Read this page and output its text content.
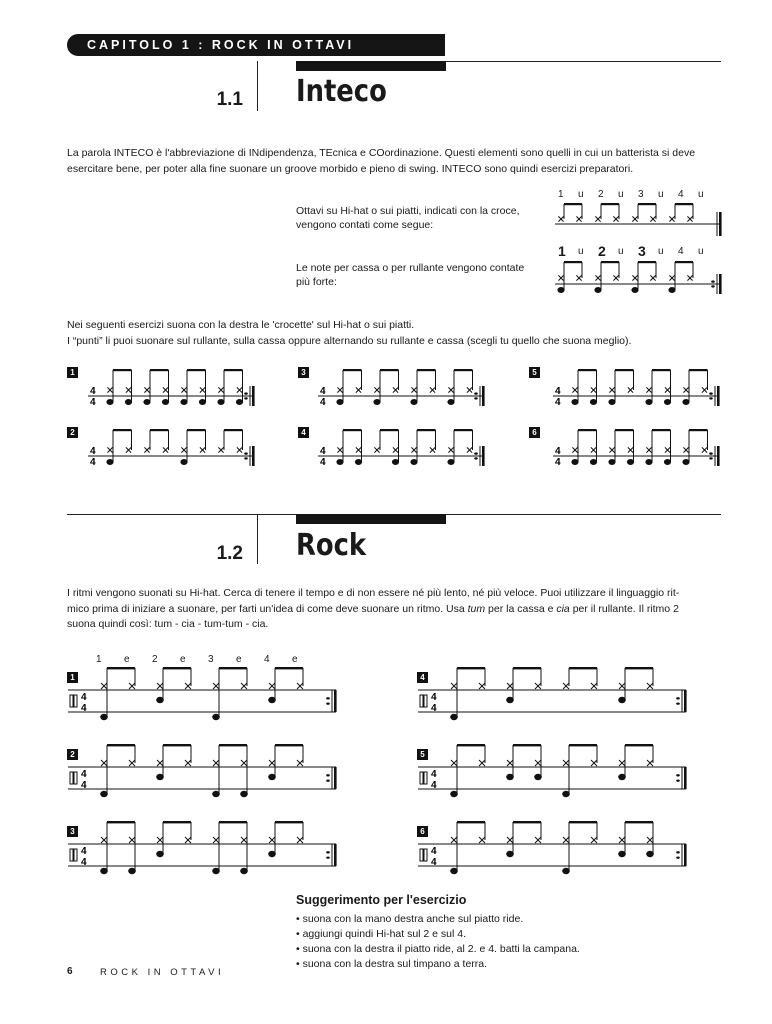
CAPITOLO 1 : ROCK IN OTTAVI
1.1 Inteco
La parola INTECO è l'abbreviazione di INdipendenza, TEcnica e COordinazione. Questi elementi sono quelli in cui un batterista si deve
esercitare bene, per poter alla fine suonare un groove morbido e pieno di swing. INTECO sono quindi esercizi preparatori.
Ottavi su Hi-hat o sui piatti, indicati con la croce,
vengono contati come segue:
Le note per cassa o per rullante vengono contate
più forte:
1 u 2 u 3 u 4 u
1 u 2 u 3 u 4 u
Nei seguenti esercizi suona con la destra le 'crocette' sul Hi-hat o sui piatti.
I “punti” li puoi suonare sul rullante, sulla cassa oppure alternando su rullante e cassa (scegli tu quello che suona meglio).
1
2
3
4
5
6
4
4
4
4
4
4
4
4
4
4
4
4
1.2 Rock
I ritmi vengono suonati su Hi-hat. Cerca di tenere il tempo e di non essere né più lento, né più veloce. Puoi utilizzare il linguaggio rit-
mico prima di iniziare a suonare, per farti un'idea di come deve suonare un ritmo. Usa tum per la cassa e cia per il rullante. Il ritmo 2
suona quindi così: tum - cia - tum-tum - cia.
1 e 2 e 3 e 4 e
1
2
3
4
5
6
4
4
4
4
4
4
4
4
4
4
4
4
Suggerimento per l'esercizio
• suona con la mano destra anche sul piatto ride.
• aggiungi quindi Hi-hat sul 2 e sul 4.
• suona con la destra il piatto ride, al 2. e 4. batti la campana.
• suona con la destra sul timpano a terra.
6	ROCK IN OTTAVI
